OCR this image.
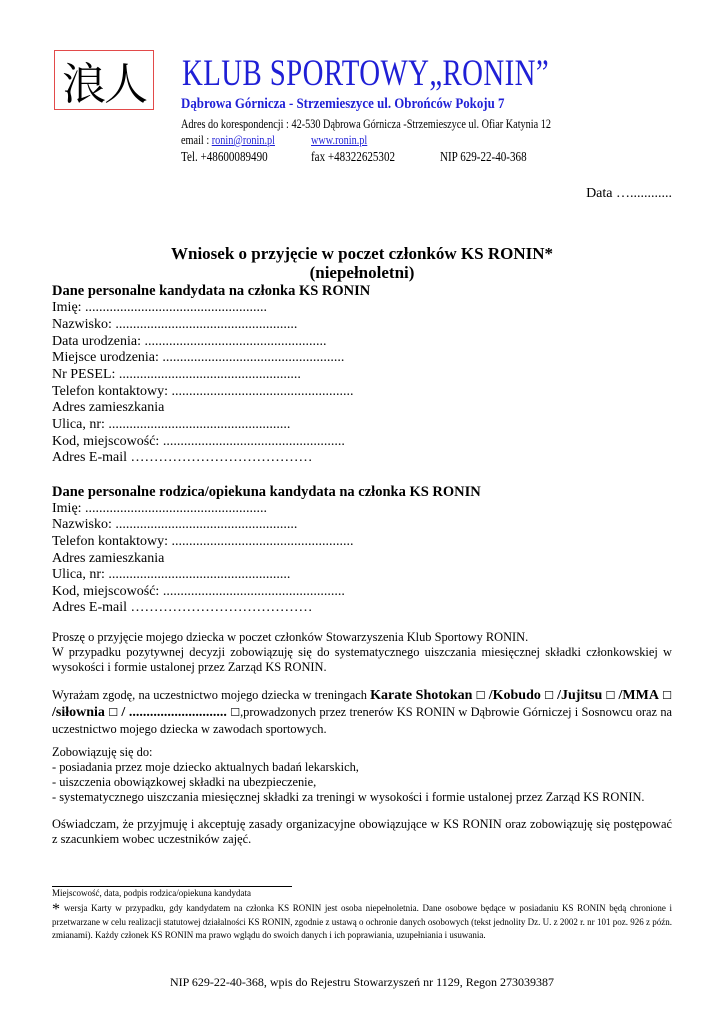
浪人 KLUB SPORTOWY„RONIN”
Dąbrowa Górnicza - Strzemieszyce ul. Obrońców Pokoju 7
Adres do korespondencji : 42-530 Dąbrowa Górnicza -Strzemieszyce ul. Ofiar Katynia 12
email : ronin@ronin.pl	www.ronin.pl
Tel. +48600089490	fax +48322625302	NIP 629-22-40-368
Data …............
Wniosek o przyjęcie w poczet członków KS RONIN*
(niepełnoletni)
Dane personalne kandydata na członka KS RONIN
Imię: ....................................................
Nazwisko: ....................................................
Data urodzenia: ....................................................
Miejsce urodzenia: ....................................................
Nr PESEL: ....................................................
Telefon kontaktowy: ....................................................
Adres zamieszkania
Ulica, nr: ....................................................
Kod, miejscowość: ....................................................
Adres E-mail …………………………………
Dane personalne rodzica/opiekuna kandydata na członka KS RONIN
Imię: ....................................................
Nazwisko: ....................................................
Telefon kontaktowy: ....................................................
Adres zamieszkania
Ulica, nr: ....................................................
Kod, miejscowość: ....................................................
Adres E-mail …………………………………

Proszę o przyjęcie mojego dziecka w poczet członków Stowarzyszenia Klub Sportowy RONIN.

W przypadku pozytywnej decyzji zobowiązuję się do systematycznego uiszczania miesięcznej składki członkowskiej w wysokości i formie ustalonej przez Zarząd KS RONIN.

Wyrażam zgodę, na uczestnictwo mojego dziecka w treningach Karate Shotokan ☐ /Kobudo ☐ /Jujitsu ☐ /MMA ☐ /siłownia ☐ / ............................ ☐,prowadzonych przez trenerów KS RONIN w Dąbrowie Górniczej i Sosnowcu oraz na uczestnictwo mojego dziecka w zawodach sportowych.

Zobowiązuję się do:

- posiadania przez moje dziecko aktualnych badań lekarskich,

- uiszczenia obowiązkowej składki na ubezpieczenie,

- systematycznego uiszczania miesięcznej składki za treningi w wysokości i formie ustalonej przez Zarząd KS RONIN.

Oświadczam, że przyjmuję i akceptuję zasady organizacyjne obowiązujące w KS RONIN oraz zobowiązuję się postępować z szacunkiem wobec uczestników zajęć.

Miejscowość, data, podpis rodzica/opiekuna kandydata
* wersja Karty w przypadku, gdy kandydatem na członka KS RONIN jest osoba niepełnoletnia. Dane osobowe będące w posiadaniu KS RONIN będą chronione i przetwarzane w celu realizacji statutowej działalności KS RONIN, zgodnie z ustawą o ochronie danych osobowych (tekst jednolity Dz. U. z 2002 r. nr 101 poz. 926 z późn. zmianami). Każdy członek KS RONIN ma prawo wglądu do swoich danych i ich poprawiania, uzupełniania i usuwania.
NIP 629-22-40-368, wpis do Rejestru Stowarzyszeń nr 1129, Regon 273039387
